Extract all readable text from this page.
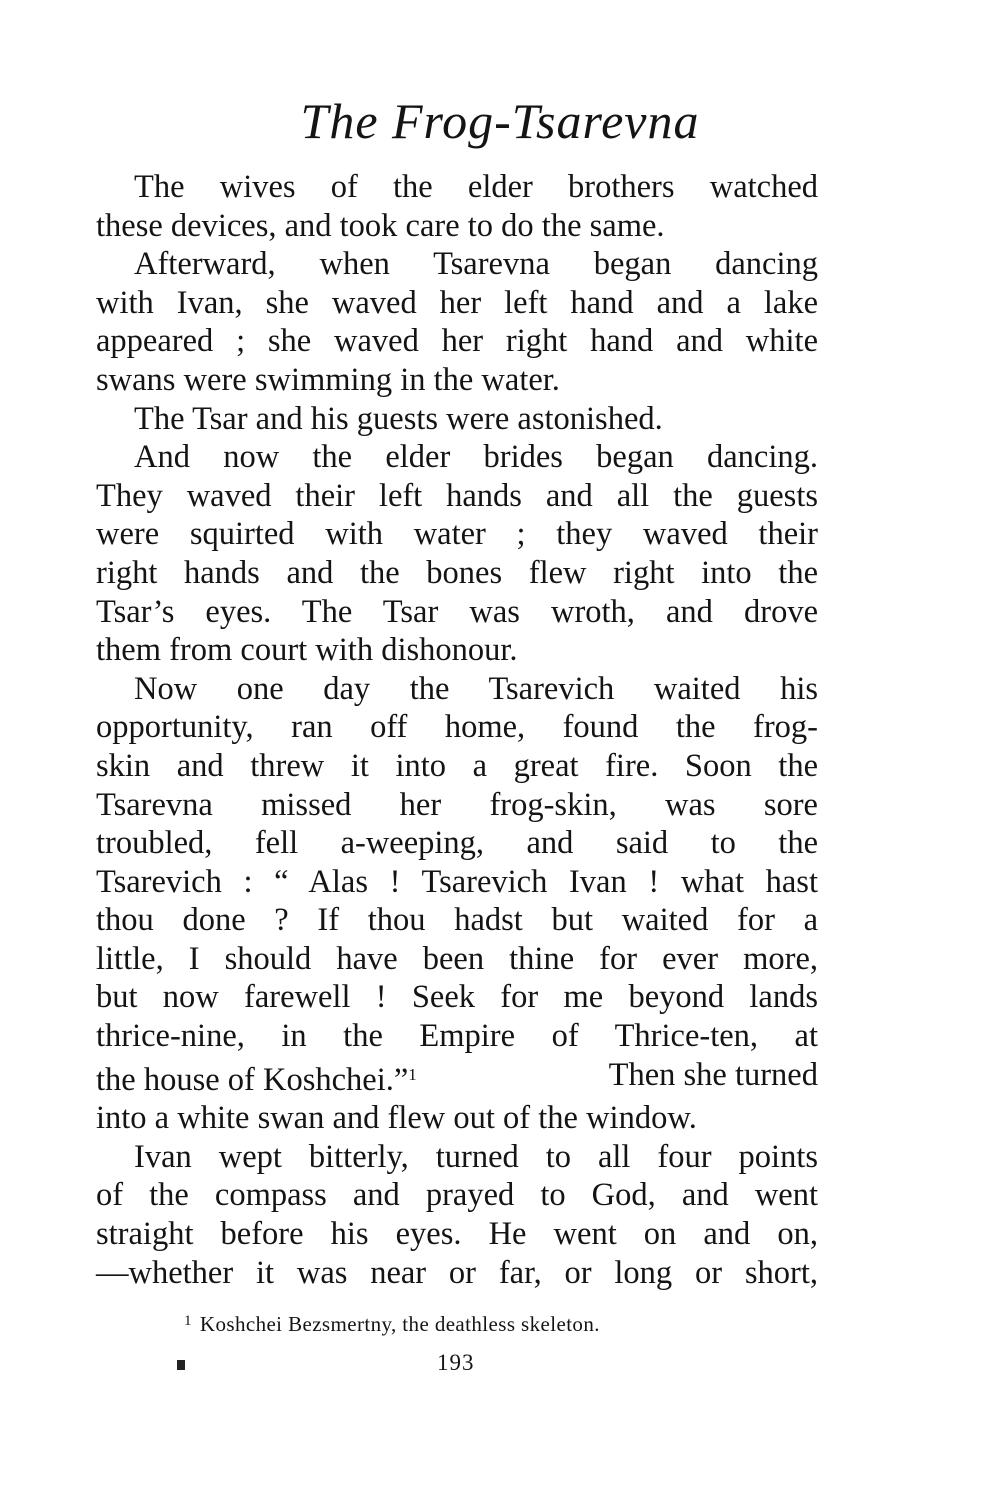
The Frog-Tsarevna
The wives of the elder brothers watched
these devices, and took care to do the same.
Afterward, when Tsarevna began dancing
with Ivan, she waved her left hand and a lake
appeared ; she waved her right hand and white
swans were swimming in the water.
The Tsar and his guests were astonished.
And now the elder brides began dancing.
They waved their left hands and all the guests
were squirted with water ; they waved their
right hands and the bones flew right into the
Tsar’s eyes. The Tsar was wroth, and drove
them from court with dishonour.
Now one day the Tsarevich waited his
opportunity, ran off home, found the frog-
skin and threw it into a great fire. Soon the
Tsarevna missed her frog-skin, was sore
troubled, fell a-weeping, and said to the
Tsarevich : “ Alas ! Tsarevich Ivan ! what hast
thou done ? If thou hadst but waited for a
little, I should have been thine for ever more,
but now farewell ! Seek for me beyond lands
thrice-nine, in the Empire of Thrice-ten, at
the house of Koshchei.”$^1$	Then she turned
into a white swan and flew out of the window.
Ivan wept bitterly, turned to all four points
of the compass and prayed to God, and went
straight before his eyes. He went on and on,
—whether it was near or far, or long or short,
$^1$ Koshchei Bezsmertny, the deathless skeleton.
193
